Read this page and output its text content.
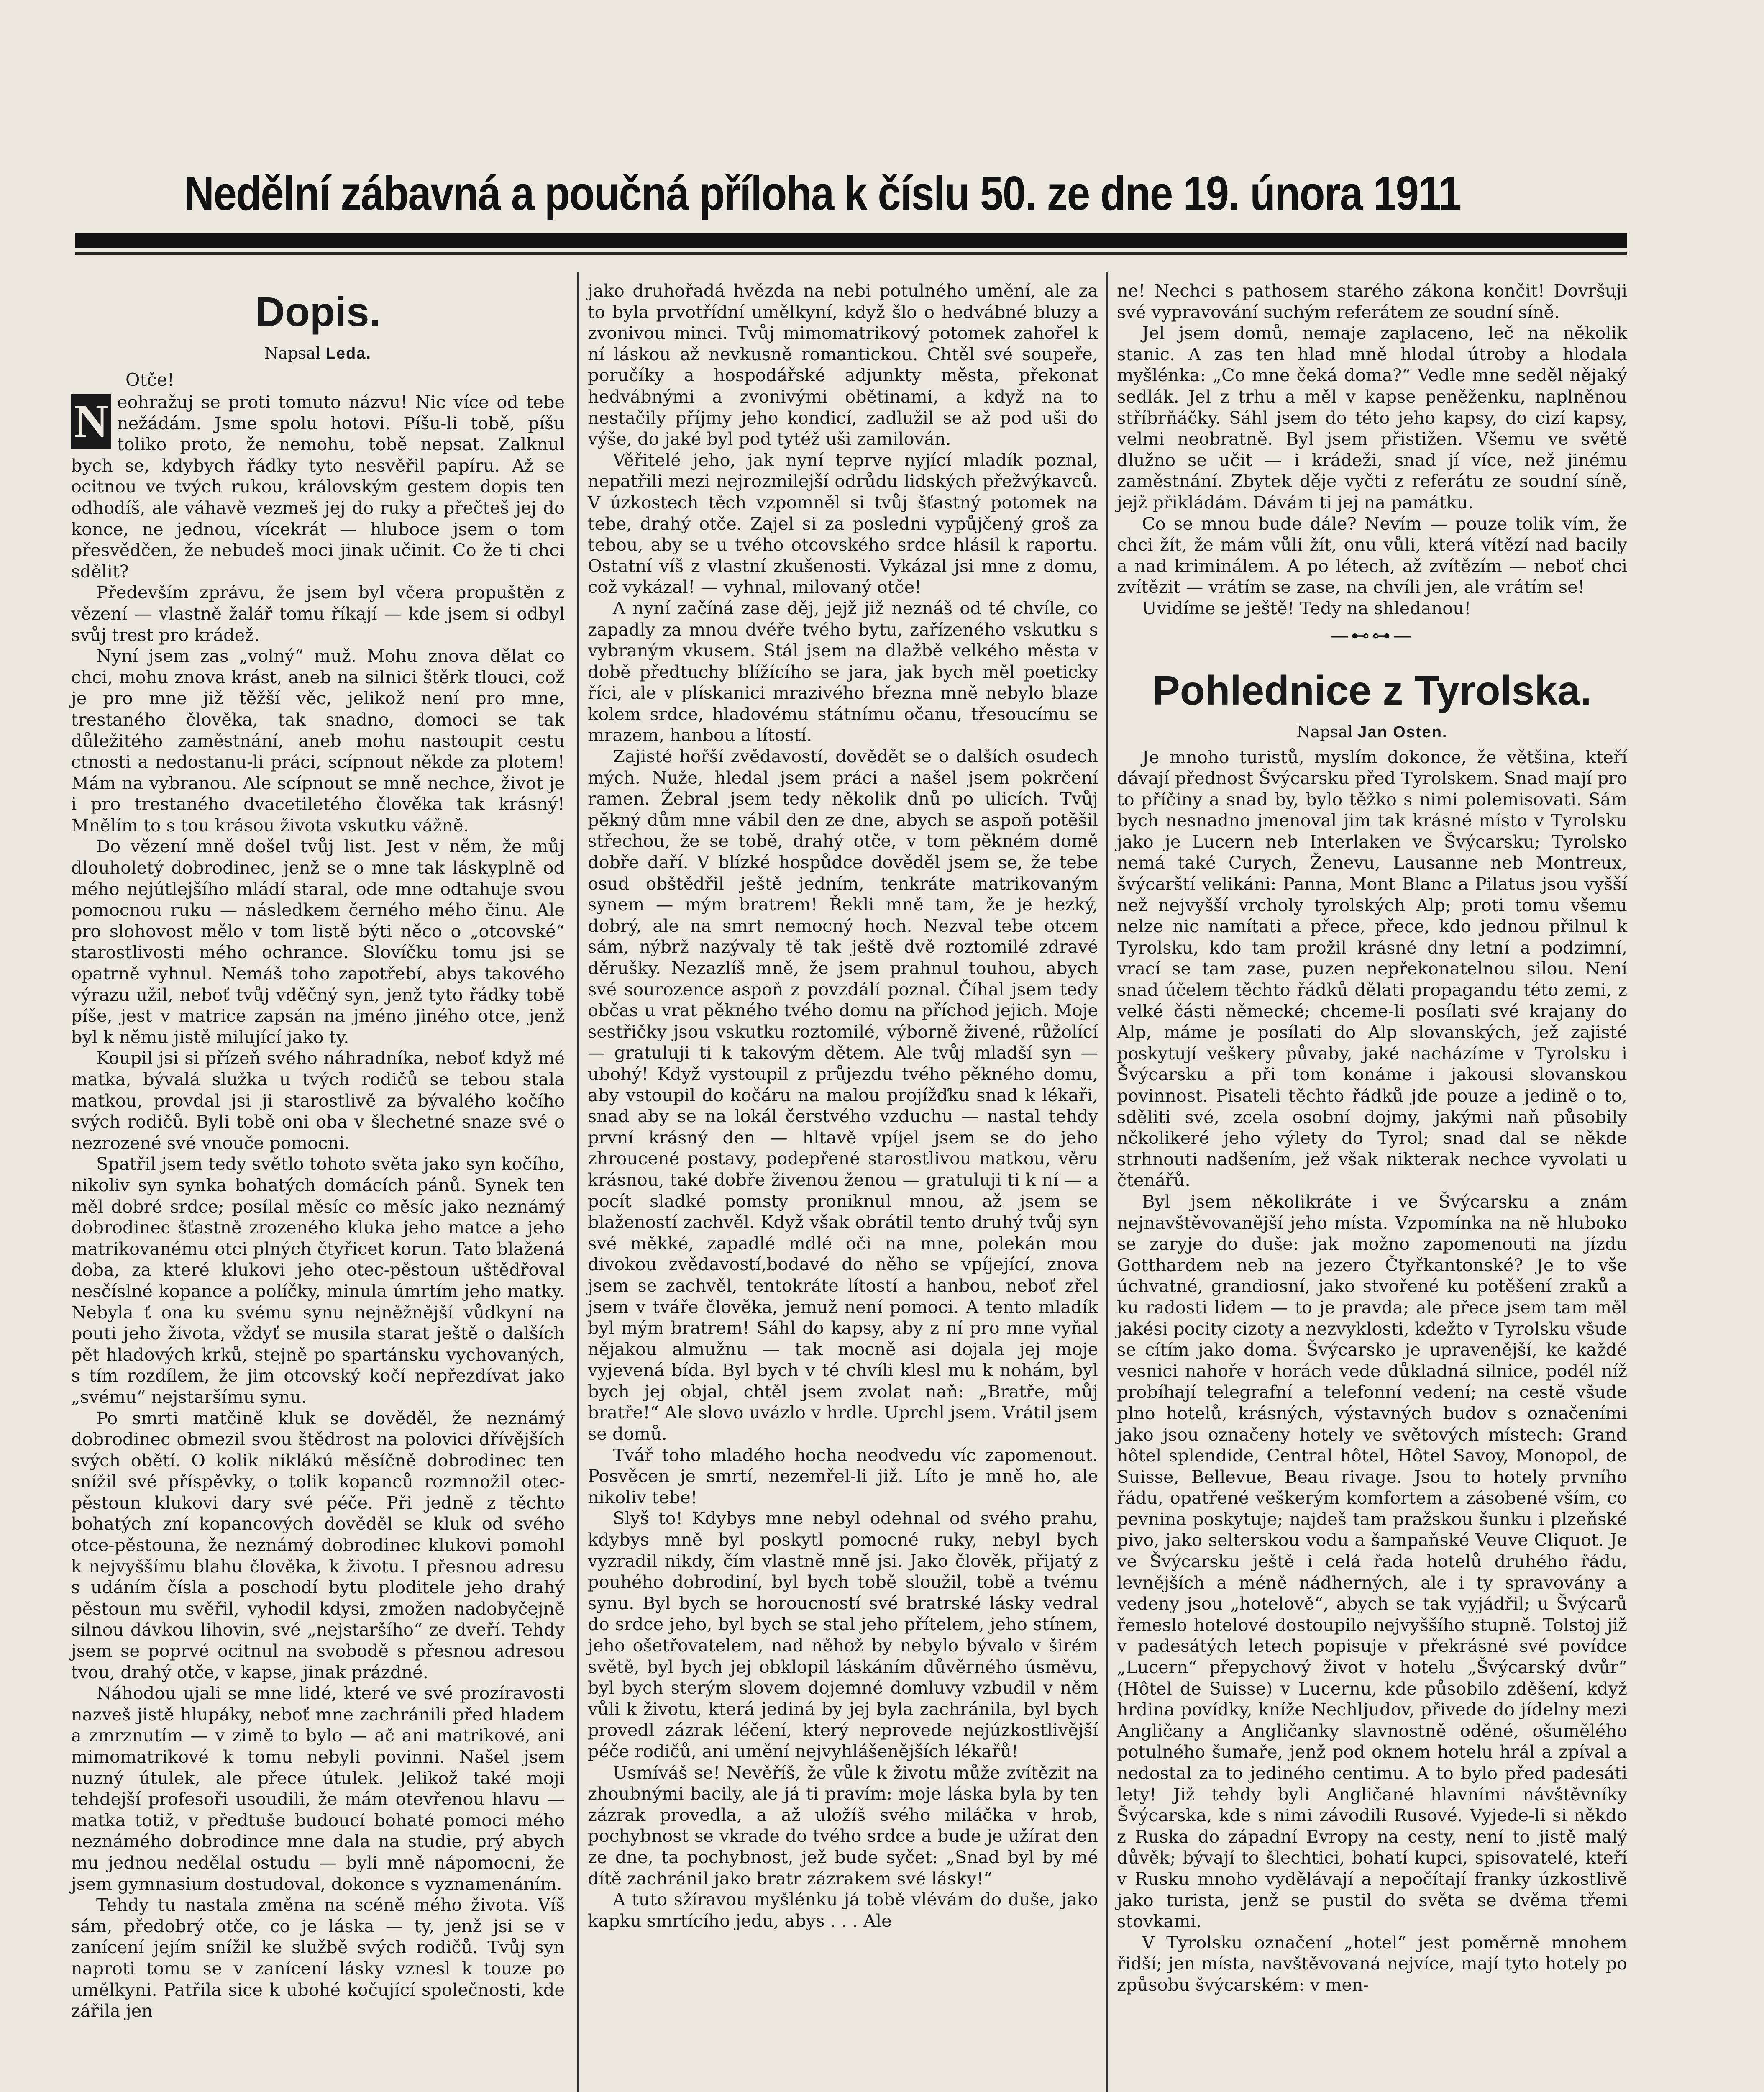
Nedělní zábavná a poučná příloha k číslu 50. ze dne 19. února 1911
Dopis.
Napsal Leda.
Otče!

N eohražuj se proti tomuto názvu! Nic více od tebe nežádám. Jsme spolu hotovi. Píšu-li tobě, píšu toliko proto, že nemohu, tobě nepsat. Zalknul bych se, kdybych řádky tyto nesvěřil papíru. Až se ocitnou ve tvých rukou, královským gestem dopis ten odhodíš, ale váhavě vezmeš jej do ruky a přečteš jej do konce, ne jednou, vícekrát — hluboce jsem o tom přesvědčen, že nebudeš moci jinak učinit. Co že ti chci sdělit?

Především zprávu, že jsem byl včera propuštěn z vězení — vlastně žalář tomu říkají — kde jsem si odbyl svůj trest pro krádež.

Nyní jsem zas „volný“ muž. Mohu znova dělat co chci, mohu znova krást, aneb na silnici štěrk tlouci, což je pro mne již těžší věc, jelikož není pro mne, trestaného člověka, tak snadno, domoci se tak důležitého zaměstnání, aneb mohu nastoupit cestu ctnosti a nedostanu-li práci, scípnout někde za plotem! Mám na vybranou. Ale scípnout se mně nechce, život je i pro trestaného dvacetiletého člověka tak krásný! Mnělím to s tou krásou života vskutku vážně.

Do vězení mně došel tvůj list. Jest v něm, že můj dlouholetý dobrodinec, jenž se o mne tak láskyplně od mého nejútlejšího mládí staral, ode mne odtahuje svou pomocnou ruku — následkem černého mého činu. Ale pro slohovost mělo v tom listě býti něco o „otcovské“ starostlivosti mého ochrance. Slovíčku tomu jsi se opatrně vyhnul. Nemáš toho zapotřebí, abys takového výrazu užil, neboť tvůj vděčný syn, jenž tyto řádky tobě píše, jest v matrice zapsán na jméno jiného otce, jenž byl k němu jistě milující jako ty.

Koupil jsi si přízeň svého náhradníka, neboť když mé matka, bývalá služka u tvých rodičů se tebou stala matkou, provdal jsi ji starostlivě za bývalého kočího svých rodičů. Byli tobě oni oba v šlechetné snaze své o nezrozené své vnouče pomocni.

Spatřil jsem tedy světlo tohoto světa jako syn kočího, nikoliv syn synka bohatých domácích pánů. Synek ten měl dobré srdce; posílal měsíc co měsíc jako neznámý dobrodinec šťastně zrozeného kluka jeho matce a jeho matrikovanému otci plných čtyřicet korun. Tato blažená doba, za které klukovi jeho otec-pěstoun uštědřoval nesčíslné kopance a políčky, minula úmrtím jeho matky. Nebyla ť ona ku svému synu nejněžnější vůdkyní na pouti jeho života, vždyť se musila starat ještě o dalších pět hladových krků, stejně po spartánsku vychovaných, s tím rozdílem, že jim otcovský kočí nepřezdívat jako „svému“ nejstaršímu synu.

Po smrti matčině kluk se dověděl, že neznámý dobrodinec obmezil svou štědrost na polovici dřívějších svých obětí. O kolik niklákú měsíčně dobrodinec ten snížil své příspěvky, o tolik kopanců rozmnožil otec-pěstoun klukovi dary své péče. Při jedně z těchto bohatých zní kopancových dověděl se kluk od svého otce-pěstouna, že neznámý dobrodinec klukovi pomohl k nejvyššímu blahu člověka, k životu. I přesnou adresu s udáním čísla a poschodí bytu ploditele jeho drahý pěstoun mu svěřil, vyhodil kdysi, zmožen nadobyčejně silnou dávkou lihovin, své „nejstaršího“ ze dveří. Tehdy jsem se poprvé ocitnul na svobodě s přesnou adresou tvou, drahý otče, v kapse, jinak prázdné.

Náhodou ujali se mne lidé, které ve své prozíravosti nazveš jistě hlupáky, neboť mne zachránili před hladem a zmrznutím — v zimě to bylo — ač ani matrikové, ani mimomatrikové k tomu nebyli povinni. Našel jsem nuzný útulek, ale přece útulek. Jelikož také moji tehdejší profesoři usoudili, že mám otevřenou hlavu — matka totiž, v předtuše budoucí bohaté pomoci mého neznámého dobrodince mne dala na studie, prý abych mu jednou nedělal ostudu — byli mně nápomocni, že jsem gymnasium dostudoval, dokonce s vyznamenáním.

Tehdy tu nastala změna na scéně mého života. Víš sám, předobrý otče, co je láska — ty, jenž jsi se v zanícení jejím snížil ke službě svých rodičů. Tvůj syn naproti tomu se v zanícení lásky vznesl k touze po umělkyni. Patřila sice k ubohé kočující společnosti, kde zářila jen

jako druhořadá hvězda na nebi potulného umění, ale za to byla prvotřídní umělkyní, když šlo o hedvábné bluzy a zvonivou minci. Tvůj mimomatrikový potomek zahořel k ní láskou až nevkusně romantickou. Chtěl své soupeře, poručíky a hospodářské adjunkty města, překonat hedvábnými a zvonivými obětinami, a když na to nestačily příjmy jeho kondicí, zadlužil se až pod uši do výše, do jaké byl pod tytéž uši zamilován.

Věřitelé jeho, jak nyní teprve nyjící mladík poznal, nepatřili mezi nejrozmilejší odrůdu lidských přežvýkavců. V úzkostech těch vzpomněl si tvůj šťastný potomek na tebe, drahý otče. Zajel si za posledni vypůjčený groš za tebou, aby se u tvého otcovského srdce hlásil k raportu. Ostatní víš z vlastní zkušenosti. Vykázal jsi mne z domu, což vykázal! — vyhnal, milovaný otče!

A nyní začíná zase děj, jejž již neznáš od té chvíle, co zapadly za mnou dvéře tvého bytu, zařízeného vskutku s vybraným vkusem. Stál jsem na dlažbě velkého města v době předtuchy blížícího se jara, jak bych měl poeticky říci, ale v plískanici mrazivého března mně nebylo blaze kolem srdce, hladovému státnímu očanu, třesoucímu se mrazem, hanbou a lítostí.

Zajisté hořší zvědavostí, dovědět se o dalších osudech mých. Nuže, hledal jsem práci a našel jsem pokrčení ramen. Žebral jsem tedy několik dnů po ulicích. Tvůj pěkný dům mne vábil den ze dne, abych se aspoň potěšil střechou, že se tobě, drahý otče, v tom pěkném domě dobře daří. V blízké hospůdce dověděl jsem se, že tebe osud obštědřil ještě jedním, tenkráte matrikovaným synem — mým bratrem! Řekli mně tam, že je hezký, dobrý, ale na smrt nemocný hoch. Nezval tebe otcem sám, nýbrž nazývaly tě tak ještě dvě roztomilé zdravé děrušky. Nezazlíš mně, že jsem prahnul touhou, abych své sourozence aspoň z povzdálí poznal. Číhal jsem tedy občas u vrat pěkného tvého domu na příchod jejich. Moje sestřičky jsou vskutku roztomilé, výborně živené, růžolící — gratuluji ti k takovým dětem. Ale tvůj mladší syn — ubohý! Když vystoupil z průjezdu tvého pěkného domu, aby vstoupil do kočáru na malou projížďku snad k lékaři, snad aby se na lokál čerstvého vzduchu — nastal tehdy první krásný den — hltavě vpíjel jsem se do jeho zhroucené postavy, podepřené starostlivou matkou, věru krásnou, také dobře živenou ženou — gratuluji ti k ní — a pocít sladké pomsty proniknul mnou, až jsem se blažeností zachvěl. Když však obrátil tento druhý tvůj syn své měkké, zapadlé mdlé oči na mne, polekán mou divokou zvědavostí,bodavé do něho se vpíjející, znova jsem se zachvěl, tentokráte lítostí a hanbou, neboť zřel jsem v tváře člověka, jemuž není pomoci. A tento mladík byl mým bratrem! Sáhl do kapsy, aby z ní pro mne vyňal nějakou almužnu — tak mocně asi dojala jej moje vyjevená bída. Byl bych v té chvíli klesl mu k nohám, byl bych jej objal, chtěl jsem zvolat naň: „Bratře, můj bratře!“ Ale slovo uvázlo v hrdle. Uprchl jsem. Vrátil jsem se domů.

Tvář toho mladého hocha neodvedu víc zapomenout. Posvěcen je smrtí, nezemřel-li již. Líto je mně ho, ale nikoliv tebe!

Slyš to! Kdybys mne nebyl odehnal od svého prahu, kdybys mně byl poskytl pomocné ruky, nebyl bych vyzradil nikdy, čím vlastně mně jsi. Jako člověk, přijatý z pouhého dobrodiní, byl bych tobě sloužil, tobě a tvému synu. Byl bych se horoucností své bratrské lásky vedral do srdce jeho, byl bych se stal jeho přítelem, jeho stínem, jeho ošetřovatelem, nad něhož by nebylo bývalo v širém světě, byl bych jej obklopil láskáním důvěrného úsměvu, byl bych sterým slovem dojemné domluvy vzbudil v něm vůli k životu, která jediná by jej byla zachránila, byl bych provedl zázrak léčení, který neprovede nejúzkostlivější péče rodičů, ani umění nejvyhlášenějších lékařů!

Usmíváš se! Nevěříš, že vůle k životu může zvítězit na zhoubnými bacily, ale já ti pravím: moje láska byla by ten zázrak provedla, a až uložíš svého miláčka v hrob, pochybnost se vkrade do tvého srdce a bude je užírat den ze dne, ta pochybnost, jež bude syčet: „Snad byl by mé dítě zachránil jako bratr zázrakem své lásky!“

A tuto sžíravou myšlénku já tobě vlévám do duše, jako kapku smrtícího jedu, abys . . . Ale

ne! Nechci s pathosem starého zákona končit! Dovršuji své vypravování suchým referátem ze soudní síně.

Jel jsem domů, nemaje zaplaceno, leč na několik stanic. A zas ten hlad mně hlodal útroby a hlodala myšlénka: „Co mne čeká doma?“ Vedle mne seděl nějaký sedlák. Jel z trhu a měl v kapse peněženku, naplněnou stříbrňáčky. Sáhl jsem do této jeho kapsy, do cizí kapsy, velmi neobratně. Byl jsem přistižen. Všemu ve světě dlužno se učit — i krádeži, snad jí více, než jinému zaměstnání. Zbytek děje vyčti z referátu ze soudní síně, jejž přikládám. Dávám ti jej na památku.

Co se mnou bude dále? Nevím — pouze tolik vím, že chci žít, že mám vůli žít, onu vůli, která vítězí nad bacily a nad kriminálem. A po létech, až zvítězím — neboť chci zvítězit — vrátím se zase, na chvíli jen, ale vrátím se!

Uvidíme se ještě! Tedy na shledanou!

—⊷⊶—
Pohlednice z Tyrolska.
Napsal Jan Osten.

Je mnoho turistů, myslím dokonce, že většina, kteří dávají přednost Švýcarsku před Tyrolskem. Snad mají pro to příčiny a snad by, bylo těžko s nimi polemisovati. Sám bych nesnadno jmenoval jim tak krásné místo v Tyrolsku jako je Lucern neb Interlaken ve Švýcarsku; Tyrolsko nemá také Curych, Ženevu, Lausanne neb Montreux, švýcarští velikáni: Panna, Mont Blanc a Pilatus jsou vyšší než nejvyšší vrcholy tyrolských Alp; proti tomu všemu nelze nic namítati a přece, přece, kdo jednou přilnul k Tyrolsku, kdo tam prožil krásné dny letní a podzimní, vrací se tam zase, puzen nepřekonatelnou silou. Není snad účelem těchto řádků dělati propagandu této zemi, z velké části německé; chceme-li posílati své krajany do Alp, máme je posílati do Alp slovanských, jež zajisté poskytují veškery půvaby, jaké nacházíme v Tyrolsku i Švýcarsku a při tom konáme i jakousi slovanskou povinnost. Pisateli těchto řádků jde pouze a jedině o to, sděliti své, zcela osobní dojmy, jakými naň působily nčkolikeré jeho výlety do Tyrol; snad dal se někde strhnouti nadšením, jež však nikterak nechce vyvolati u čtenářů.

Byl jsem několikráte i ve Švýcarsku a znám nejnavštěvovanější jeho místa. Vzpomínka na ně hluboko se zaryje do duše: jak možno zapomenouti na jízdu Gotthardem neb na jezero Čtyřkantonské? Je to vše úchvatné, grandiosní, jako stvořené ku potěšení zraků a ku radosti lidem — to je pravda; ale přece jsem tam měl jakési pocity cizoty a nezvyklosti, kdežto v Tyrolsku všude se cítím jako doma. Švýcarsko je upravenější, ke každé vesnici nahoře v horách vede důkladná silnice, podél níž probíhají telegrafní a telefonní vedení; na cestě všude plno hotelů, krásných, výstavných budov s označeními jako jsou označeny hotely ve světových místech: Grand hôtel splendide, Central hôtel, Hôtel Savoy, Monopol, de Suisse, Bellevue, Beau rivage. Jsou to hotely prvního řádu, opatřené veškerým komfortem a zásobené vším, co pevnina poskytuje; najdeš tam pražskou šunku i plzeňské pivo, jako selterskou vodu a šampaňské Veuve Cliquot. Je ve Švýcarsku ještě i celá řada hotelů druhého řádu, levnějších a méně nádherných, ale i ty spravovány a vedeny jsou „hotelově“, abych se tak vyjádřil; u Švýcarů řemeslo hotelové dostoupilo nejvyššího stupně. Tolstoj již v padesátých letech popisuje v překrásné své povídce „Lucern“ přepychový život v hotelu „Švýcarský dvůr“ (Hôtel de Suisse) v Lucernu, kde působilo zděšení, když hrdina povídky, kníže Nechljudov, přivede do jídelny mezi Angličany a Angličanky slavnostně oděné, ošumělého potulného šumaře, jenž pod oknem hotelu hrál a zpíval a nedostal za to jediného centimu. A to bylo před padesáti lety! Již tehdy byli Angličané hlavními návštěvníky Švýcarska, kde s nimi závodili Rusové. Vyjede-li si někdo z Ruska do západní Evropy na cesty, není to jistě malý důvěk; bývají to šlechtici, bohatí kupci, spisovatelé, kteří v Rusku mnoho vydělávají a nepočítají franky úzkostlivě jako turista, jenž se pustil do světa se dvěma třemi stovkami.

V Tyrolsku označení „hotel“ jest poměrně mnohem řidší; jen místa, navštěvovaná nejvíce, mají tyto hotely po způsobu švýcarském: v men-
